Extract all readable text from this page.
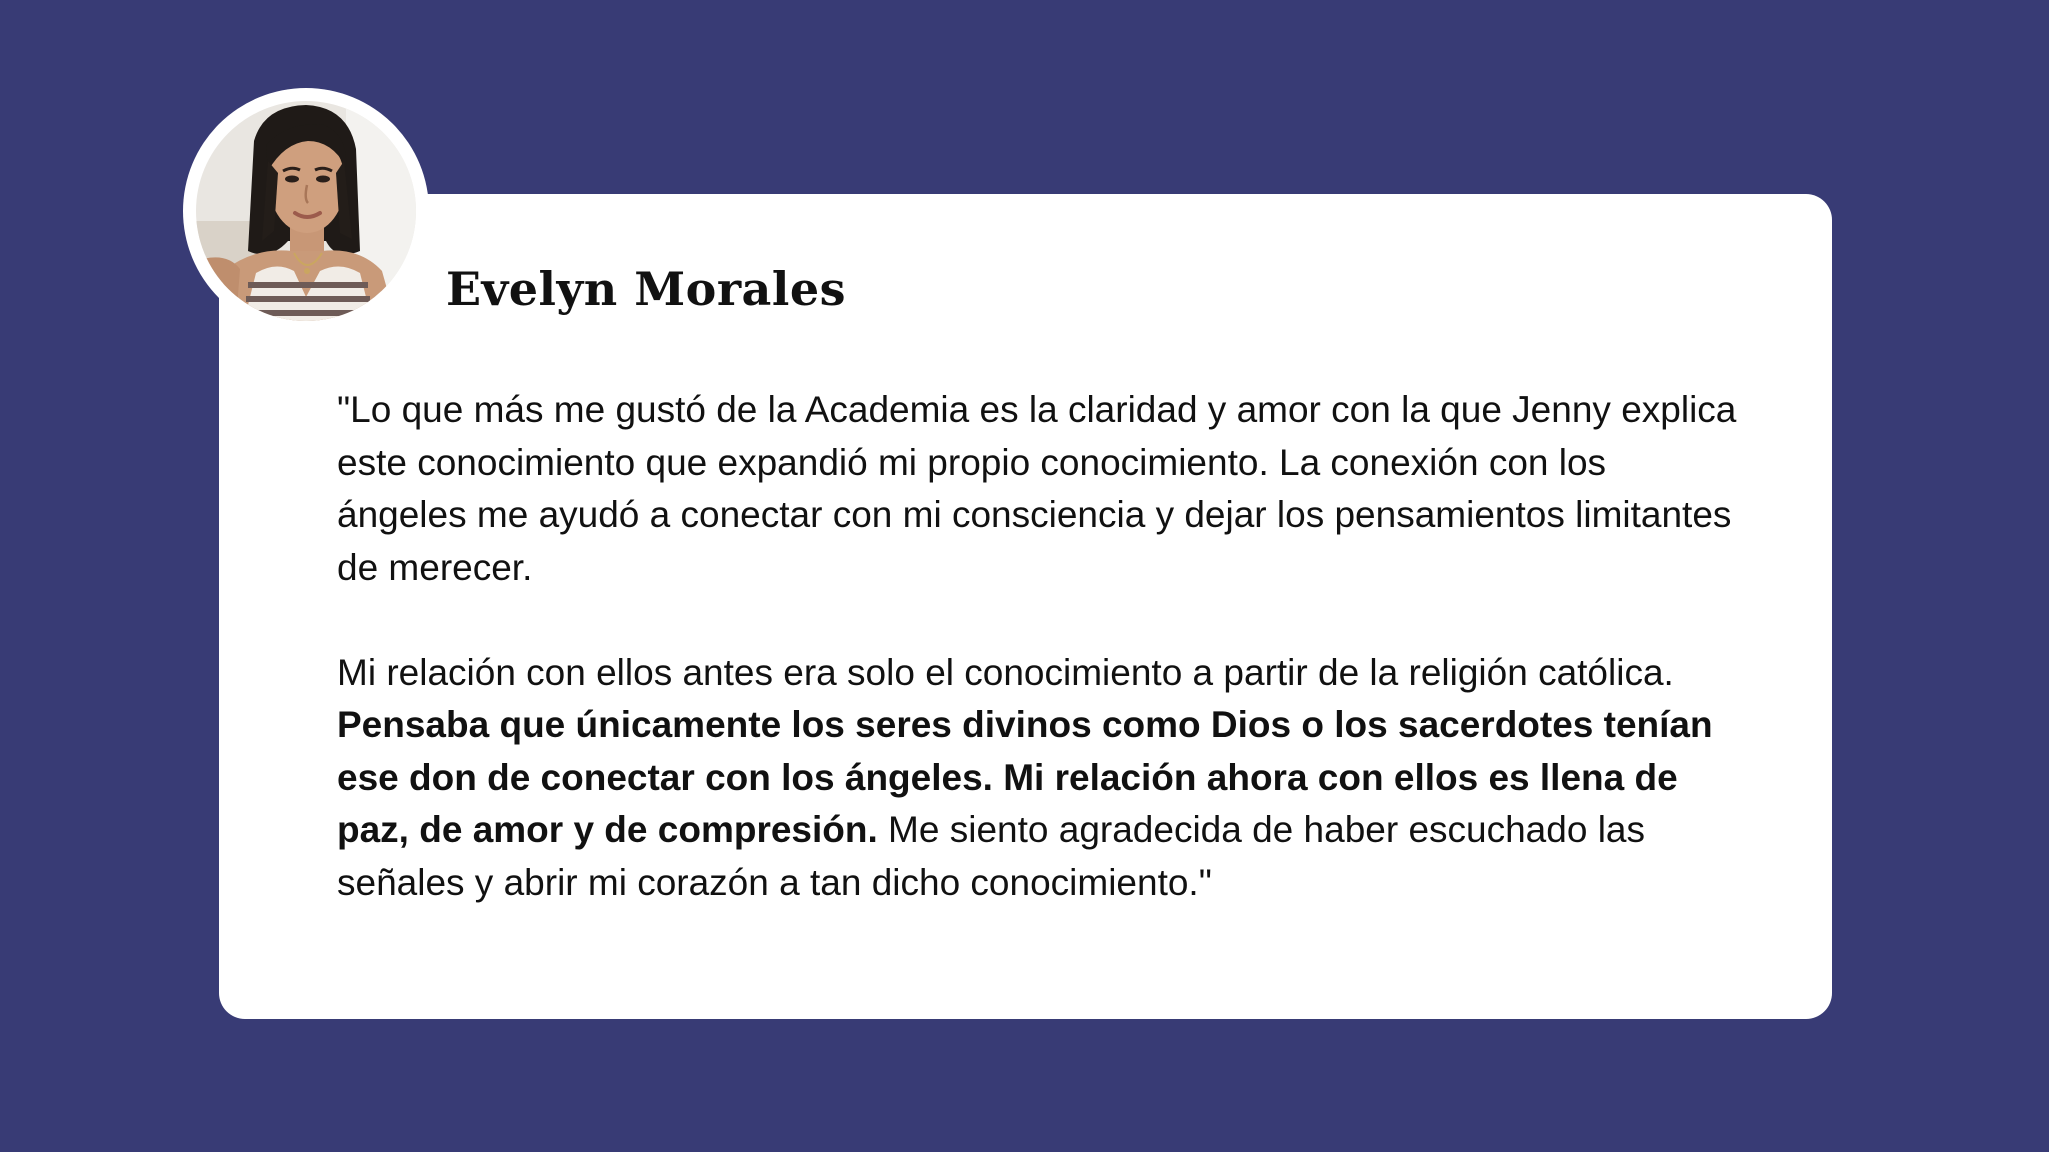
Evelyn Morales

"Lo que más me gustó de la Academia es la claridad y amor con la que Jenny explica este conocimiento que expandió mi propio conocimiento. La conexión con los ángeles me ayudó a conectar con mi consciencia y dejar los pensamientos limitantes de merecer.

Mi relación con ellos antes era solo el conocimiento a partir de la religión católica. Pensaba que únicamente los seres divinos como Dios o los sacerdotes tenían ese don de conectar con los ángeles. Mi relación ahora con ellos es llena de paz, de amor y de compresión. Me siento agradecida de haber escuchado las señales y abrir mi corazón a tan dicho conocimiento."
